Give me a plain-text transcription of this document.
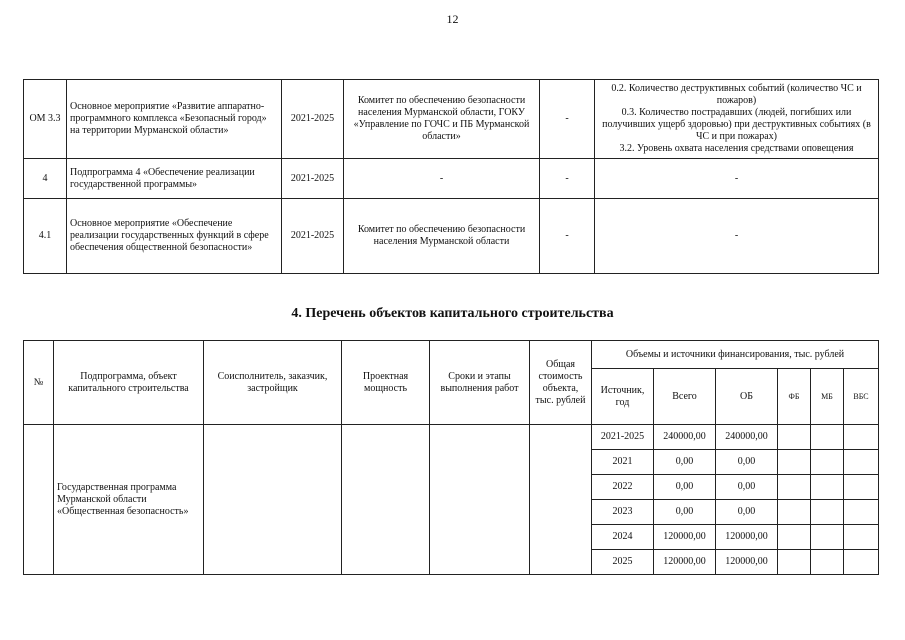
12
ОМ 3.3	Основное мероприятие «Развитие аппаратно-программного комплекса «Безопасный город» на территории Мурманской области»	2021-2025	Комитет по обеспечению безопасности населения Мурманской области, ГОКУ «Управление по ГОЧС и ПБ Мурманской области»	-	0.2. Количество деструктивных событий (количество ЧС и пожаров)
0.3. Количество пострадавших (людей, погибших или получивших ущерб здоровью) при деструктивных событиях (в ЧС и при пожарах)
3.2. Уровень охвата населения средствами оповещения

4	Подпрограмма 4 «Обеспечение реализации государственной программы»	2021-2025	-	-	-
4.1	Основное мероприятие «Обеспечение реализации государственных функций в сфере обеспечения общественной безопасности»	2021-2025	Комитет по обеспечению безопасности населения Мурманской области	-	-
4. Перечень объектов капитального строительства
№	Подпрограмма, объект капитального строительства	Соисполнитель, заказчик, застройщик	Проектная мощность	Сроки и этапы выполнения работ	Общая стоимость объекта, тыс. рублей	Объемы и источники финансирования, тыс. рублей					
						Источник, год	Всего	ОБ	ФБ	МБ	ВБС
	Государственная программа Мурманской области «Общественная безопасность»					2021-2025	240000,00	240000,00			
						2021	0,00	0,00			
						2022	0,00	0,00			
						2023	0,00	0,00			
						2024	120000,00	120000,00			
						2025	120000,00	120000,00			
